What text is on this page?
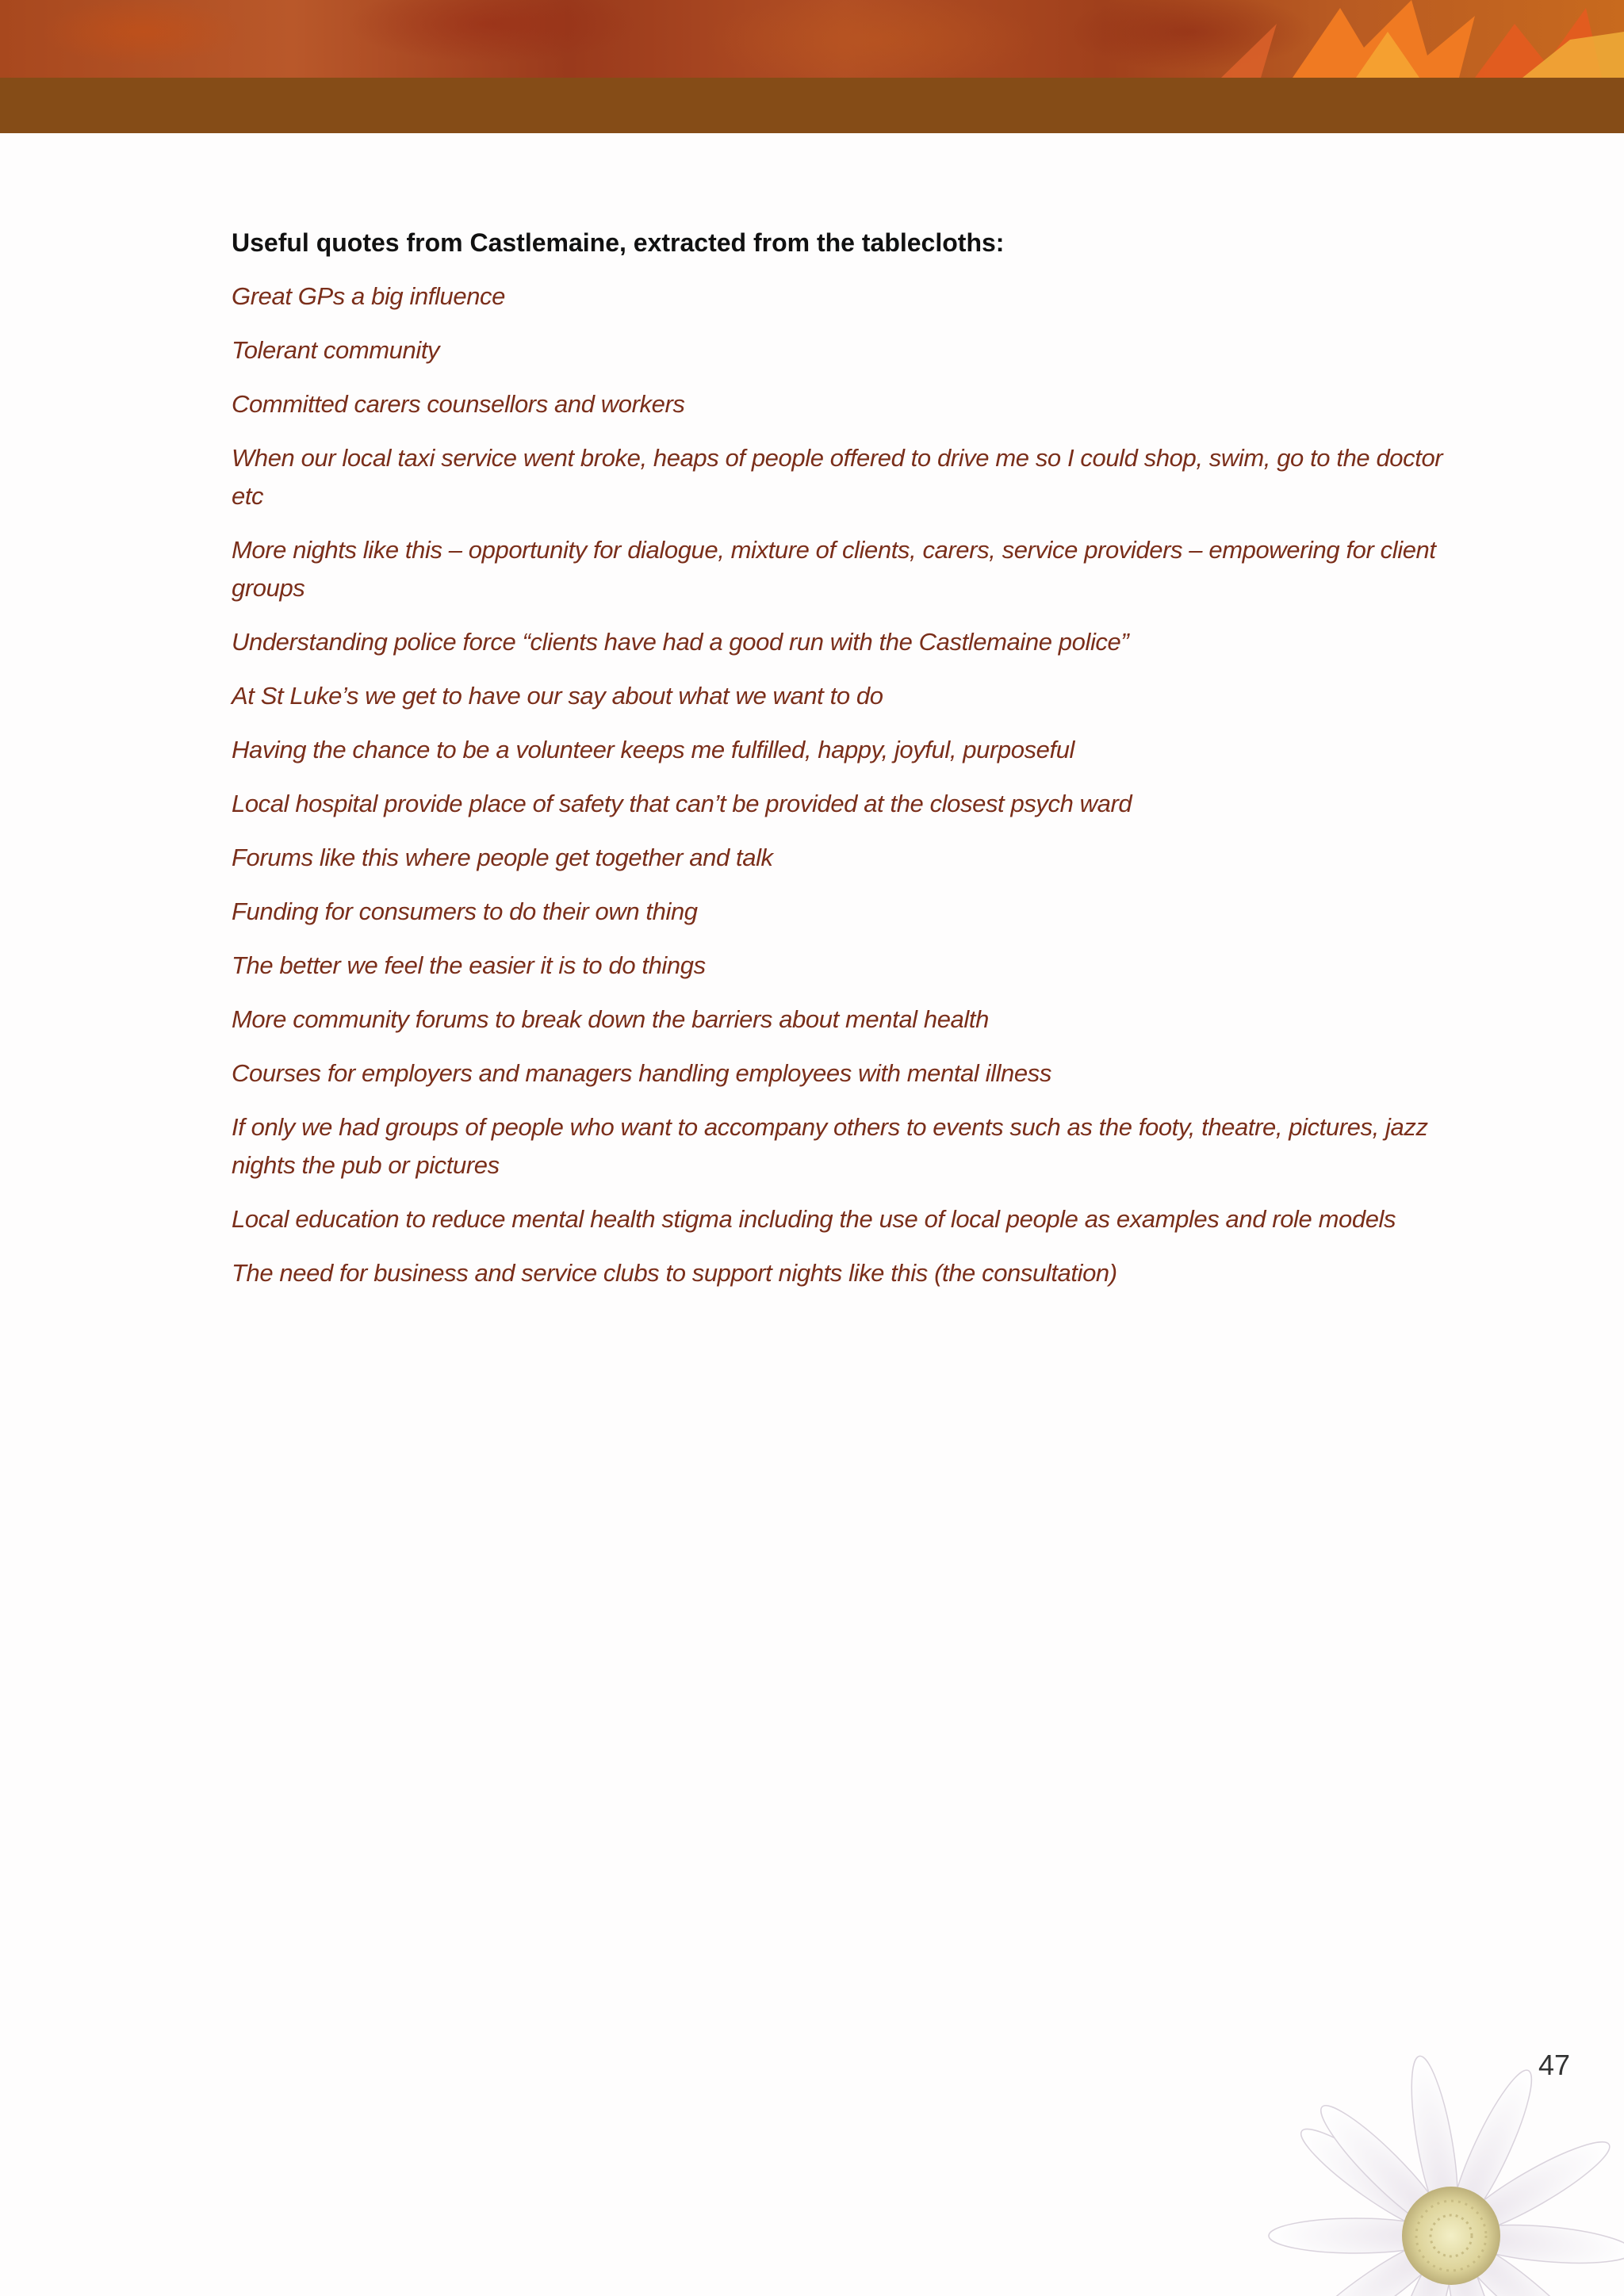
Useful quotes from Castlemaine, extracted from the tablecloths:
Great GPs a big influence
Tolerant community
Committed carers counsellors and workers
When our local taxi service went broke, heaps of people offered to drive me so I could shop, swim, go to the doctor etc
More nights like this – opportunity for dialogue, mixture of clients, carers, service providers – empowering for client groups
Understanding police force “clients have had a good run with the Castlemaine police”
At St Luke’s we get to have our say about what we want to do
Having the chance to be a volunteer keeps me fulfilled, happy, joyful, purposeful
Local hospital provide place of safety that can’t be provided at the closest psych ward
Forums like this where people get together and talk
Funding for consumers to do their own thing
The better we feel the easier it is to do things
More community forums to break down the barriers about mental health
Courses for employers and managers handling employees with mental illness
If only we had groups of people who want to accompany others to events such as the footy, theatre, pictures, jazz nights the pub or pictures
Local education to reduce mental health stigma including the use of local people as examples and role models
The need for business and service clubs to support nights like this (the consultation)
47
